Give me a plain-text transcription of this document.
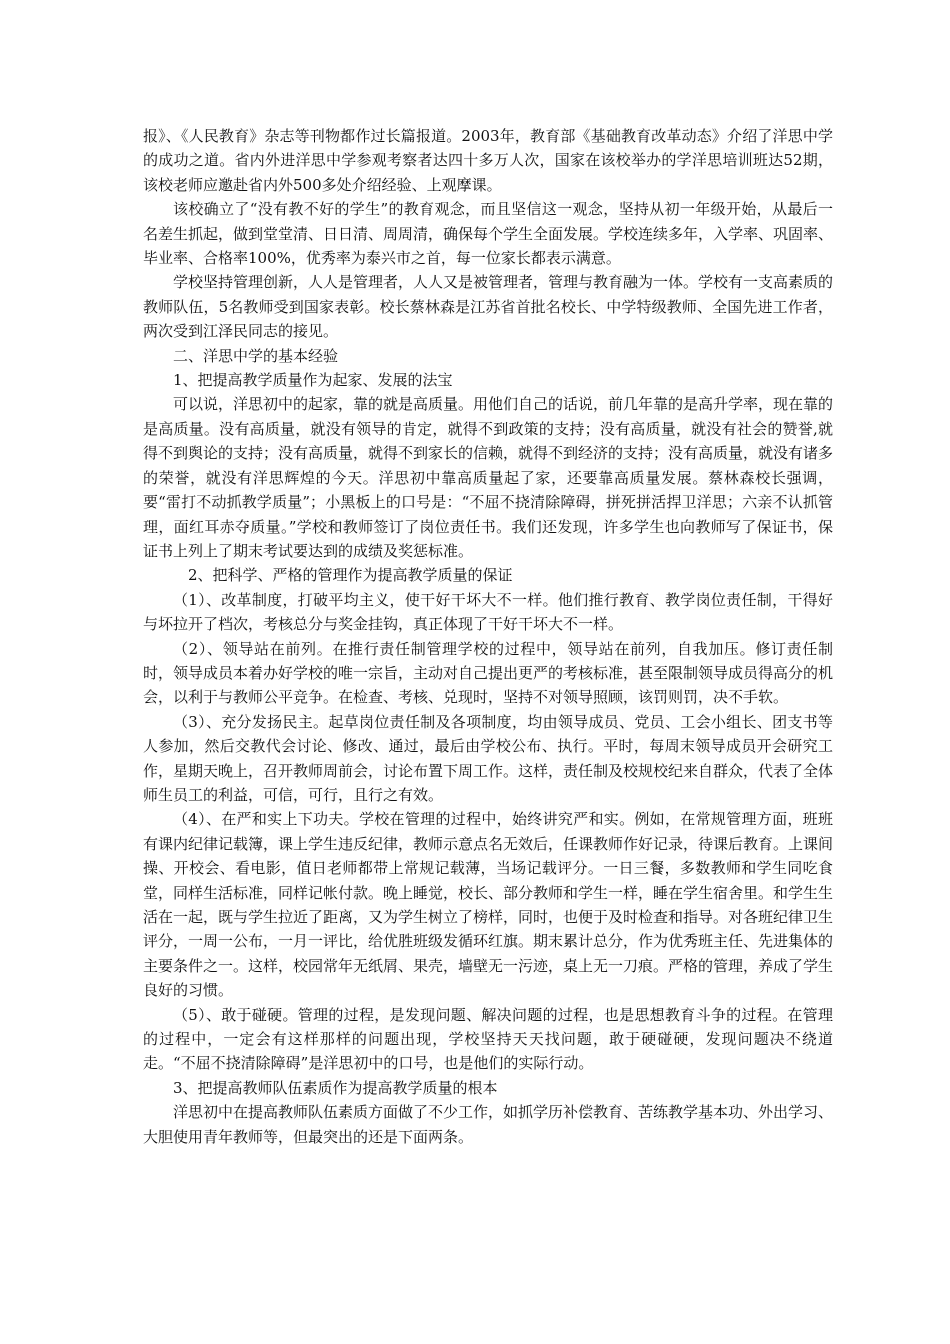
报》、《人民教育》杂志等刊物都作过长篇报道。2003年，教育部《基础教育改革动态》介绍了洋思中学的成功之道。省内外进洋思中学参观考察者达四十多万人次，国家在该校举办的学洋思培训班达52期，该校老师应邀赴省内外500多处介绍经验、上观摩课。

该校确立了“没有教不好的学生”的教育观念，而且坚信这一观念，坚持从初一年级开始，从最后一名差生抓起，做到堂堂清、日日清、周周清，确保每个学生全面发展。学校连续多年，入学率、巩固率、毕业率、合格率100%，优秀率为泰兴市之首，每一位家长都表示满意。

学校坚持管理创新，人人是管理者，人人又是被管理者，管理与教育融为一体。学校有一支高素质的教师队伍，5名教师受到国家表彰。校长蔡林森是江苏省首批名校长、中学特级教师、全国先进工作者，两次受到江泽民同志的接见。

二、洋思中学的基本经验

1、把提高教学质量作为起家、发展的法宝

可以说，洋思初中的起家，靠的就是高质量。用他们自己的话说，前几年靠的是高升学率，现在靠的是高质量。没有高质量，就没有领导的肯定，就得不到政策的支持；没有高质量，就没有社会的赞誉,就得不到舆论的支持；没有高质量，就得不到家长的信赖，就得不到经济的支持；没有高质量，就没有诸多的荣誉，就没有洋思辉煌的今天。洋思初中靠高质量起了家，还要靠高质量发展。蔡林森校长强调，要“雷打不动抓教学质量”；小黑板上的口号是：“不屈不挠清除障碍，拼死拼活捍卫洋思；六亲不认抓管理，面红耳赤夺质量。”学校和教师签订了岗位责任书。我们还发现，许多学生也向教师写了保证书，保证书上列上了期末考试要达到的成绩及奖惩标准。

2、把科学、严格的管理作为提高教学质量的保证

（1）、改革制度，打破平均主义，使干好干坏大不一样。他们推行教育、教学岗位责任制，干得好与坏拉开了档次，考核总分与奖金挂钩，真正体现了干好干坏大不一样。

（2）、领导站在前列。在推行责任制管理学校的过程中，领导站在前列，自我加压。修订责任制时，领导成员本着办好学校的唯一宗旨，主动对自己提出更严的考核标准，甚至限制领导成员得高分的机会，以利于与教师公平竞争。在检查、考核、兑现时，坚持不对领导照顾，该罚则罚，决不手软。

（3）、充分发扬民主。起草岗位责任制及各项制度，均由领导成员、党员、工会小组长、团支书等人参加，然后交教代会讨论、修改、通过，最后由学校公布、执行。平时，每周末领导成员开会研究工作，星期天晚上，召开教师周前会，讨论布置下周工作。这样，责任制及校规校纪来自群众，代表了全体师生员工的利益，可信，可行，且行之有效。

（4）、在严和实上下功夫。学校在管理的过程中，始终讲究严和实。例如，在常规管理方面，班班有课内纪律记载簿，课上学生违反纪律，教师示意点名无效后，任课教师作好记录，待课后教育。上课间操、开校会、看电影，值日老师都带上常规记载薄，当场记载评分。一日三餐，多数教师和学生同吃食堂，同样生活标准，同样记帐付款。晚上睡觉，校长、部分教师和学生一样，睡在学生宿舍里。和学生生活在一起，既与学生拉近了距离，又为学生树立了榜样，同时，也便于及时检查和指导。对各班纪律卫生评分，一周一公布，一月一评比，给优胜班级发循环红旗。期末累计总分，作为优秀班主任、先进集体的主要条件之一。这样，校园常年无纸屑、果壳，墙壁无一污迹，桌上无一刀痕。严格的管理，养成了学生良好的习惯。

（5）、敢于碰硬。管理的过程，是发现问题、解决问题的过程，也是思想教育斗争的过程。在管理的过程中，一定会有这样那样的问题出现，学校坚持天天找问题，敢于硬碰硬，发现问题决不绕道走。“不屈不挠清除障碍”是洋思初中的口号，也是他们的实际行动。

3、把提高教师队伍素质作为提高教学质量的根本

洋思初中在提高教师队伍素质方面做了不少工作，如抓学历补偿教育、苦练教学基本功、外出学习、大胆使用青年教师等，但最突出的还是下面两条。
